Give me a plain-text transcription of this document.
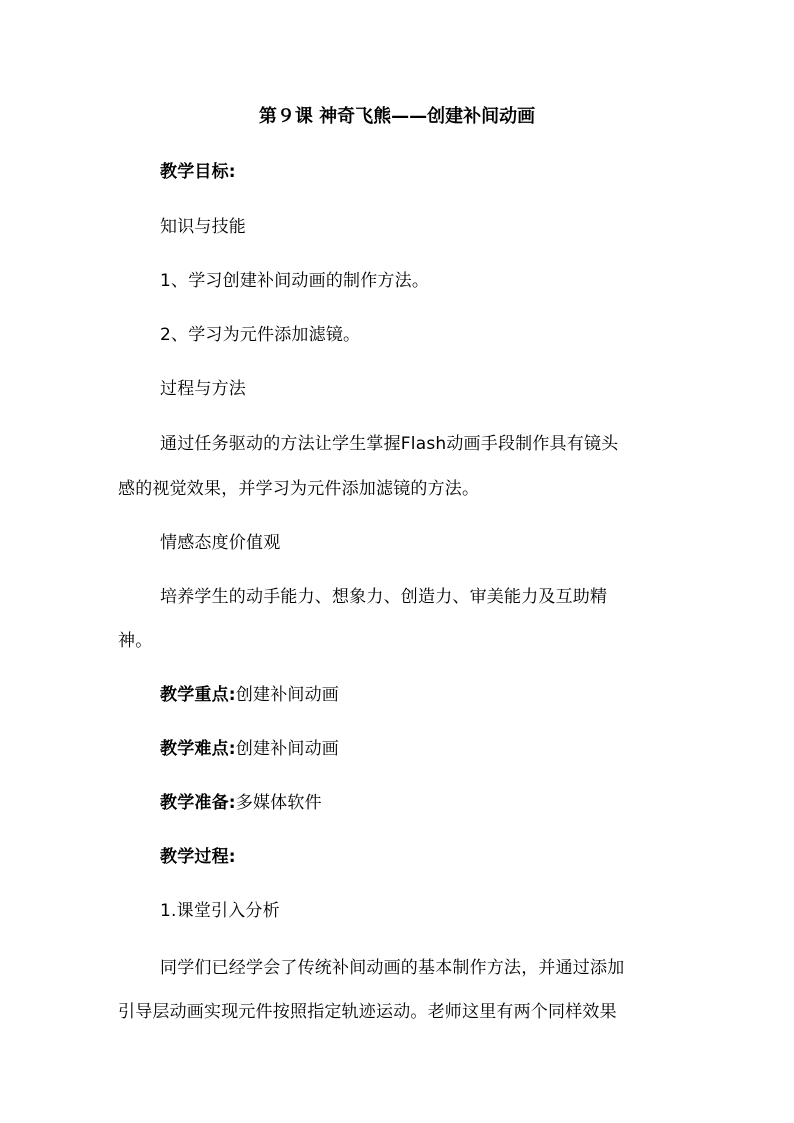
第９课 神奇飞熊——创建补间动画
教学目标:
知识与技能
1、学习创建补间动画的制作方法。
2、学习为元件添加滤镜。
过程与方法
通过任务驱动的方法让学生掌握Flash动画手段制作具有镜头
感的视觉效果，并学习为元件添加滤镜的方法。
情感态度价值观
培养学生的动手能力、想象力、创造力、审美能力及互助精
神。
教学重点:创建补间动画
教学难点:创建补间动画
教学准备:多媒体软件
教学过程:
1.课堂引入分析
同学们已经学会了传统补间动画的基本制作方法，并通过添加
引导层动画实现元件按照指定轨迹运动。老师这里有两个同样效果
